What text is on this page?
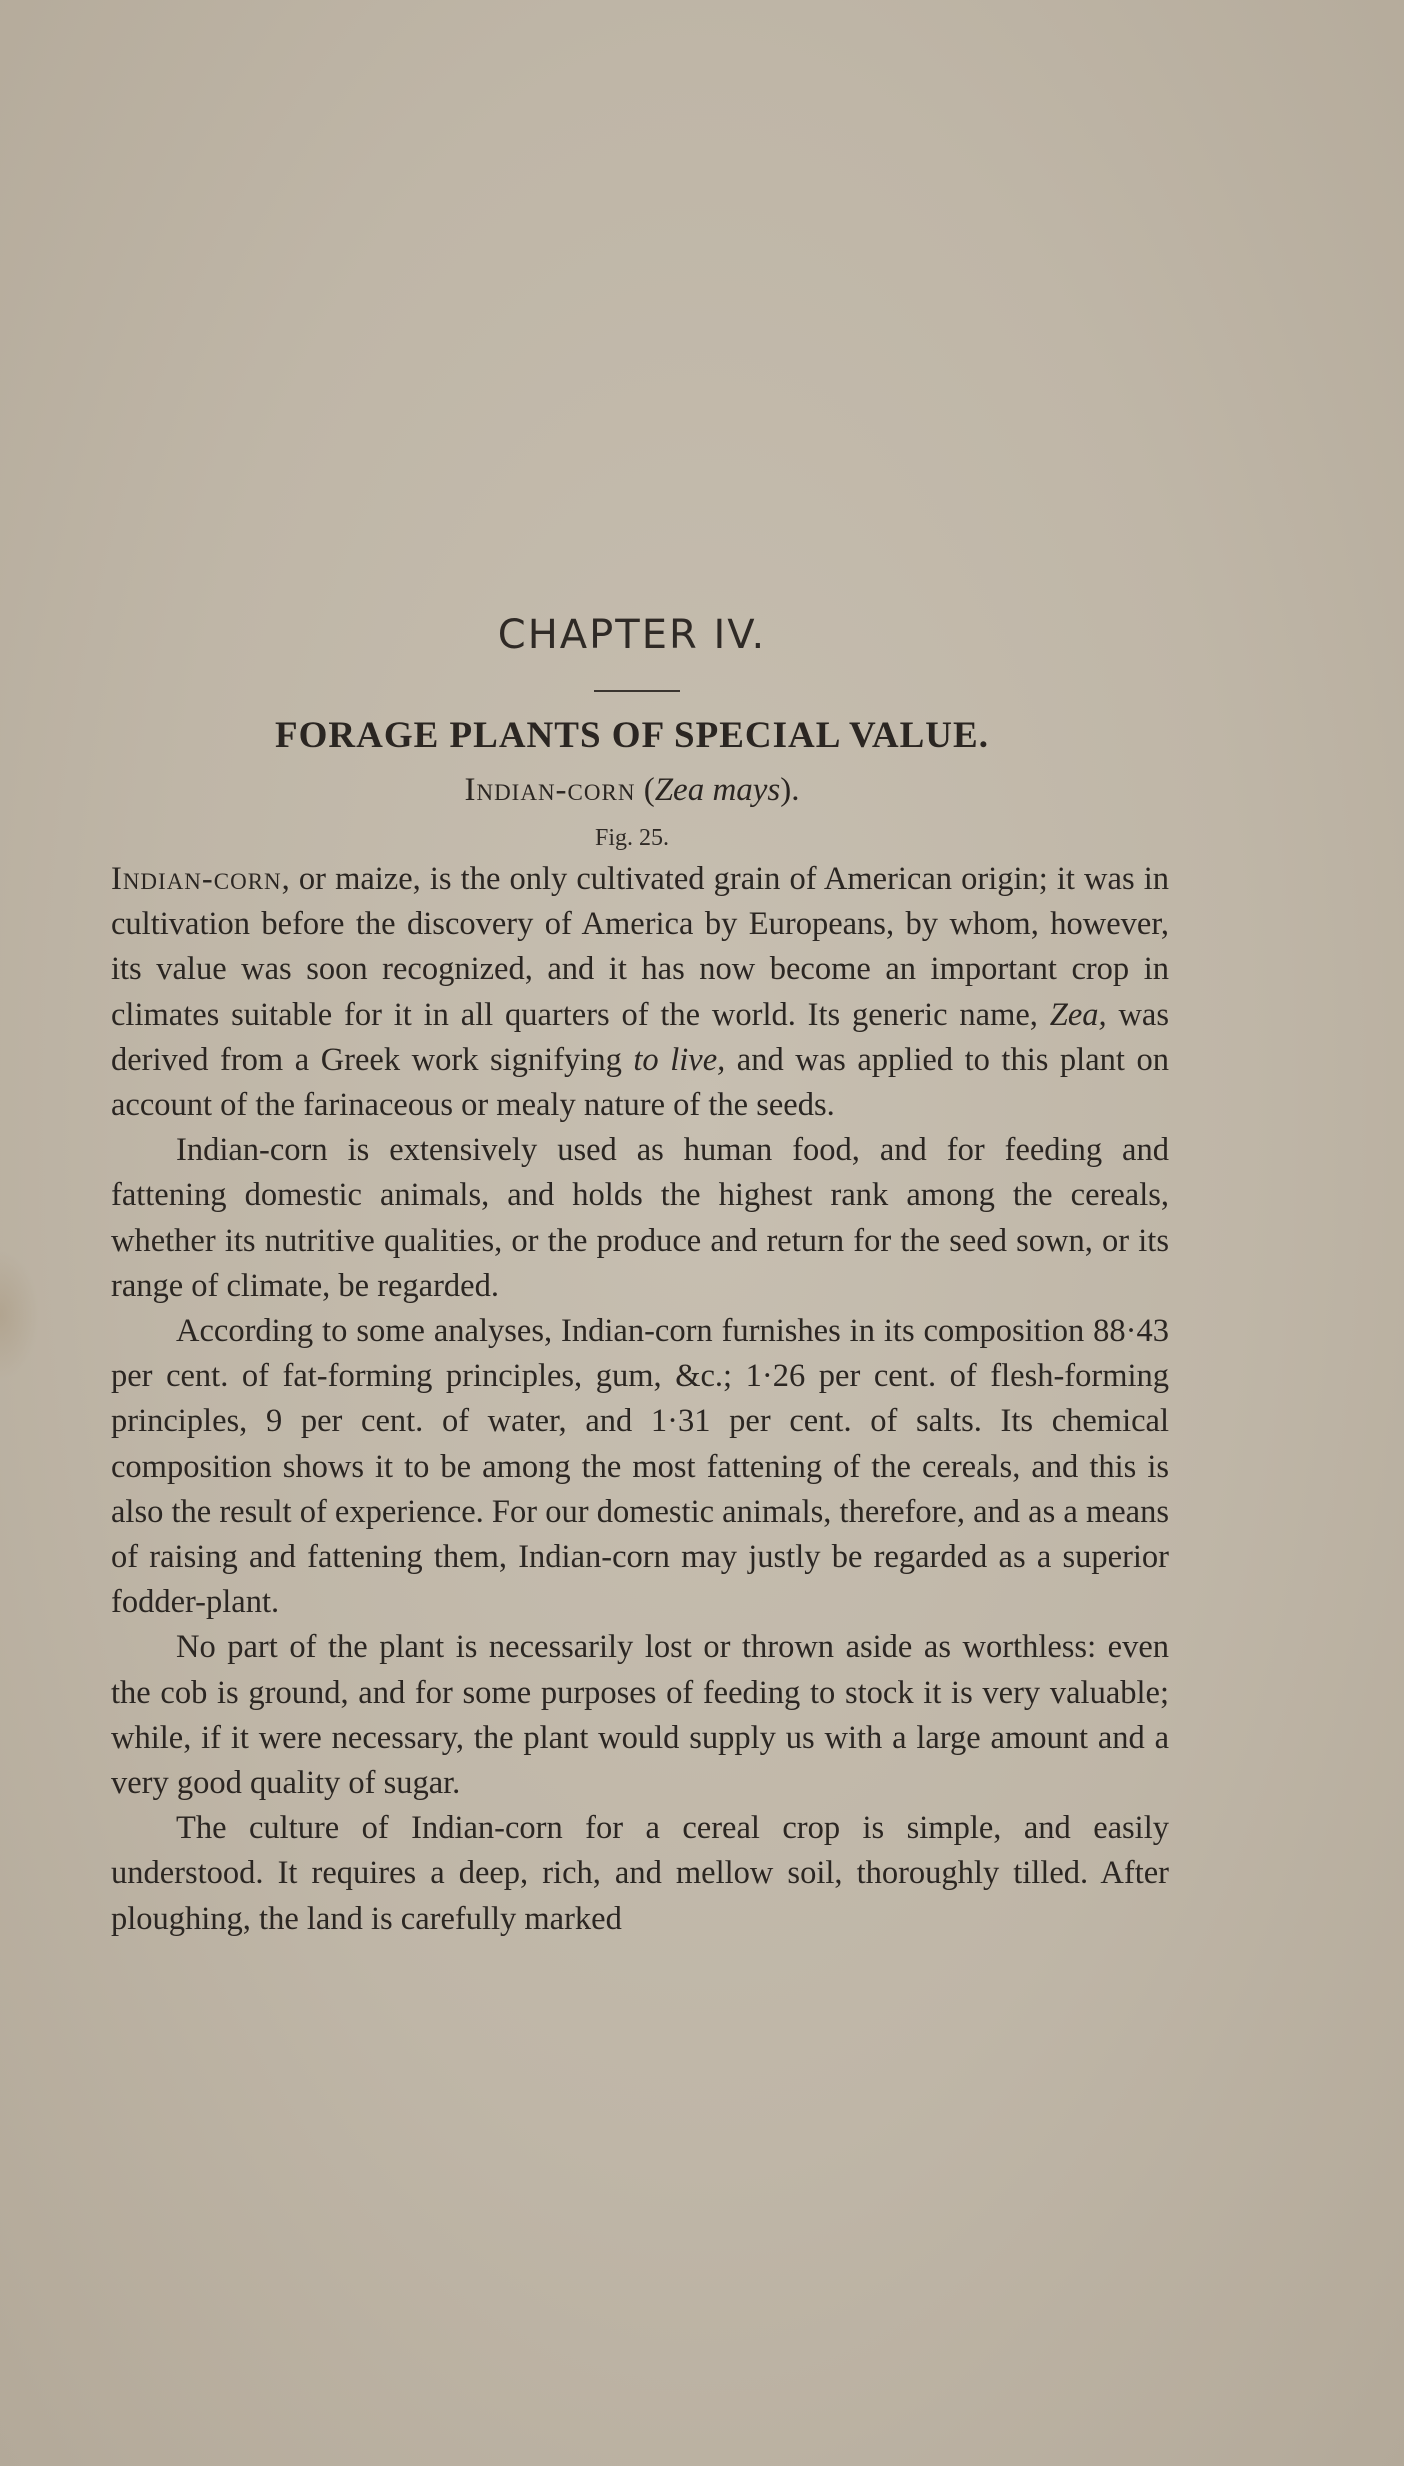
CHAPTER IV.
FORAGE PLANTS OF SPECIAL VALUE.
Indian-corn (Zea mays).
Fig. 25.

Indian-corn, or maize, is the only cultivated grain of American origin; it was in cultivation before the discovery of America by Europeans, by whom, however, its value was soon recognized, and it has now become an important crop in climates suitable for it in all quarters of the world. Its generic name, Zea, was derived from a Greek work signifying to live, and was applied to this plant on account of the farinaceous or mealy nature of the seeds.

Indian-corn is extensively used as human food, and for feeding and fattening domestic animals, and holds the highest rank among the cereals, whether its nutritive qualities, or the produce and return for the seed sown, or its range of climate, be regarded.

According to some analyses, Indian-corn furnishes in its composition 88·43 per cent. of fat-forming principles, gum, &c.; 1·26 per cent. of flesh-forming principles, 9 per cent. of water, and 1·31 per cent. of salts. Its chemical composition shows it to be among the most fattening of the cereals, and this is also the result of experience. For our domestic animals, therefore, and as a means of raising and fattening them, Indian-corn may justly be regarded as a superior fodder-plant.

No part of the plant is necessarily lost or thrown aside as worthless: even the cob is ground, and for some purposes of feeding to stock it is very valuable; while, if it were necessary, the plant would supply us with a large amount and a very good quality of sugar.

The culture of Indian-corn for a cereal crop is simple, and easily understood. It requires a deep, rich, and mellow soil, thoroughly tilled. After ploughing, the land is carefully marked
